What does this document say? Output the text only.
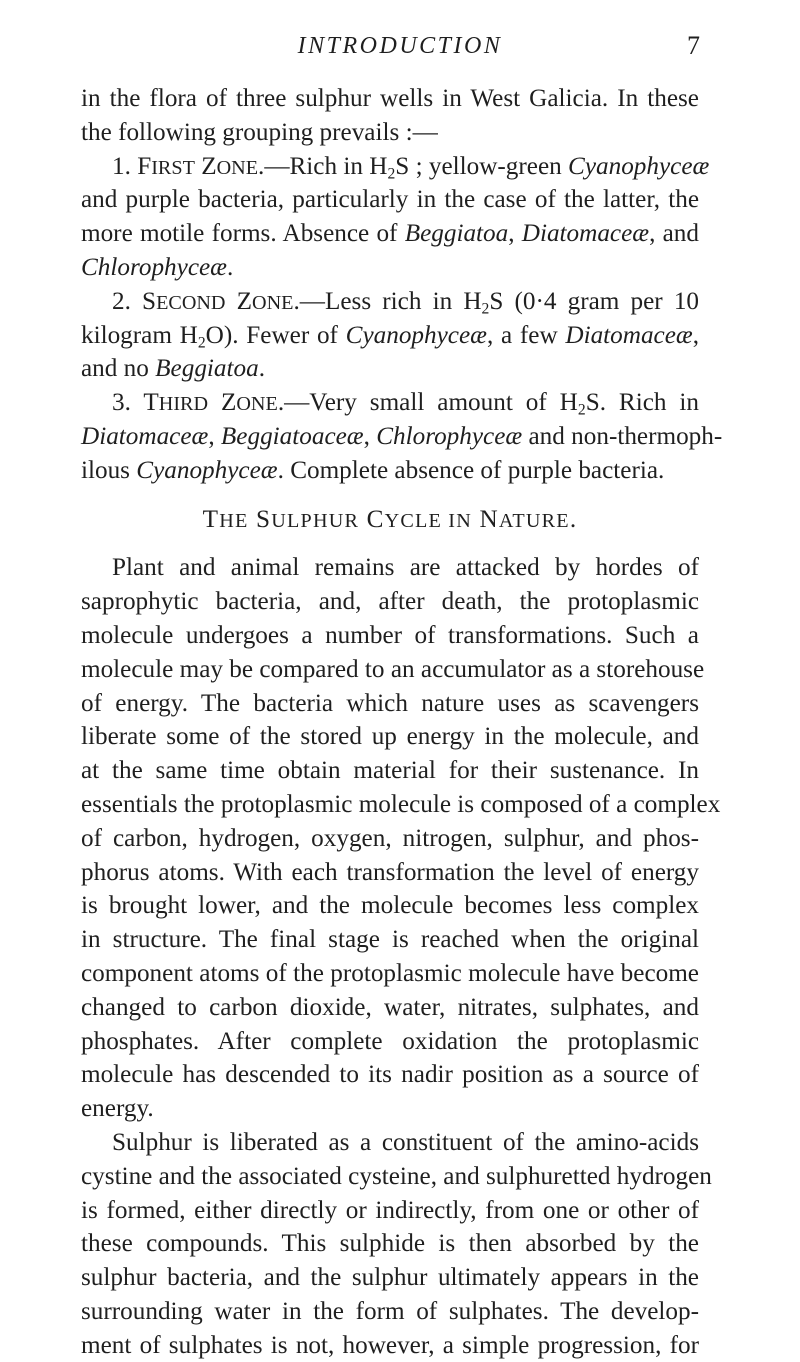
INTRODUCTION	7
in the flora of three sulphur wells in West Galicia. In these
the following grouping prevails :—
1. FIRST ZONE.—Rich in $H_2S$ ; yellow-green Cyanophyceæ
and purple bacteria, particularly in the case of the latter, the
more motile forms. Absence of Beggiatoa, Diatomaceæ, and
Chlorophyceæ.
2. SECOND ZONE.—Less rich in $H_2S$ (0·4 gram per 10
kilogram $H_2O$). Fewer of Cyanophyceæ, a few Diatomaceæ,
and no Beggiatoa.
3. THIRD ZONE.—Very small amount of $H_2S$. Rich in
Diatomaceæ, Beggiatoaceæ, Chlorophyceæ and non-thermoph-
ilous Cyanophyceæ. Complete absence of purple bacteria.
THE SULPHUR CYCLE IN NATURE.
Plant and animal remains are attacked by hordes of
saprophytic bacteria, and, after death, the protoplasmic
molecule undergoes a number of transformations. Such a
molecule may be compared to an accumulator as a storehouse
of energy. The bacteria which nature uses as scavengers
liberate some of the stored up energy in the molecule, and
at the same time obtain material for their sustenance. In
essentials the protoplasmic molecule is composed of a complex
of carbon, hydrogen, oxygen, nitrogen, sulphur, and phos-
phorus atoms. With each transformation the level of energy
is brought lower, and the molecule becomes less complex
in structure. The final stage is reached when the original
component atoms of the protoplasmic molecule have become
changed to carbon dioxide, water, nitrates, sulphates, and
phosphates. After complete oxidation the protoplasmic
molecule has descended to its nadir position as a source of
energy.
Sulphur is liberated as a constituent of the amino-acids
cystine and the associated cysteine, and sulphuretted hydrogen
is formed, either directly or indirectly, from one or other of
these compounds. This sulphide is then absorbed by the
sulphur bacteria, and the sulphur ultimately appears in the
surrounding water in the form of sulphates. The develop-
ment of sulphates is not, however, a simple progression, for
